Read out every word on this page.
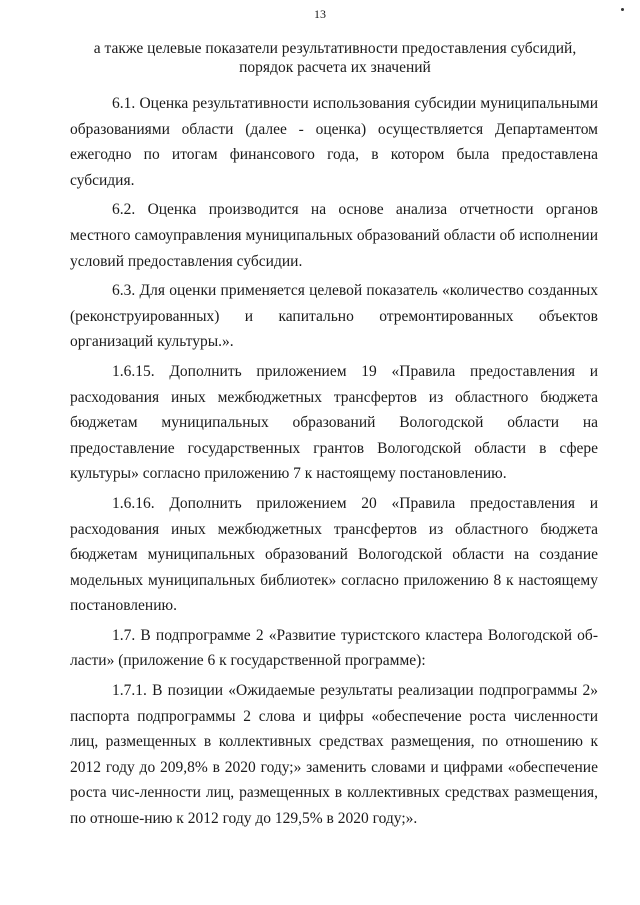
13
а также целевые показатели результативности предоставления субсидий,
порядок расчета их значений

6.1. Оценка результативности использования субсидии муниципальными образованиями области (далее - оценка) осуществляется Департаментом ежегодно по итогам финансового года, в котором была предоставлена субсидия.

6.2. Оценка производится на основе анализа отчетности органов местного самоуправления муниципальных образований области об исполнении условий предоставления субсидии.

6.3. Для оценки применяется целевой показатель «количество созданных (реконструированных) и капитально отремонтированных объектов организаций культуры.».

1.6.15. Дополнить приложением 19 «Правила предоставления и расходования иных межбюджетных трансфертов из областного бюджета бюджетам муниципальных образований Вологодской области на предоставление государственных грантов Вологодской области в сфере культуры» согласно приложению 7 к настоящему постановлению.

1.6.16. Дополнить приложением 20 «Правила предоставления и расходования иных межбюджетных трансфертов из областного бюджета бюджетам муниципальных образований Вологодской области на создание модельных муниципальных библиотек» согласно приложению 8 к настоящему постановлению.

1.7. В подпрограмме 2 «Развитие туристского кластера Вологодской об-ласти» (приложение 6 к государственной программе):

1.7.1. В позиции «Ожидаемые результаты реализации подпрограммы 2» паспорта подпрограммы 2 слова и цифры «обеспечение роста численности лиц, размещенных в коллективных средствах размещения, по отношению к 2012 году до 209,8% в 2020 году;» заменить словами и цифрами «обеспечение роста чис-ленности лиц, размещенных в коллективных средствах размещения, по отноше-нию к 2012 году до 129,5% в 2020 году;».
